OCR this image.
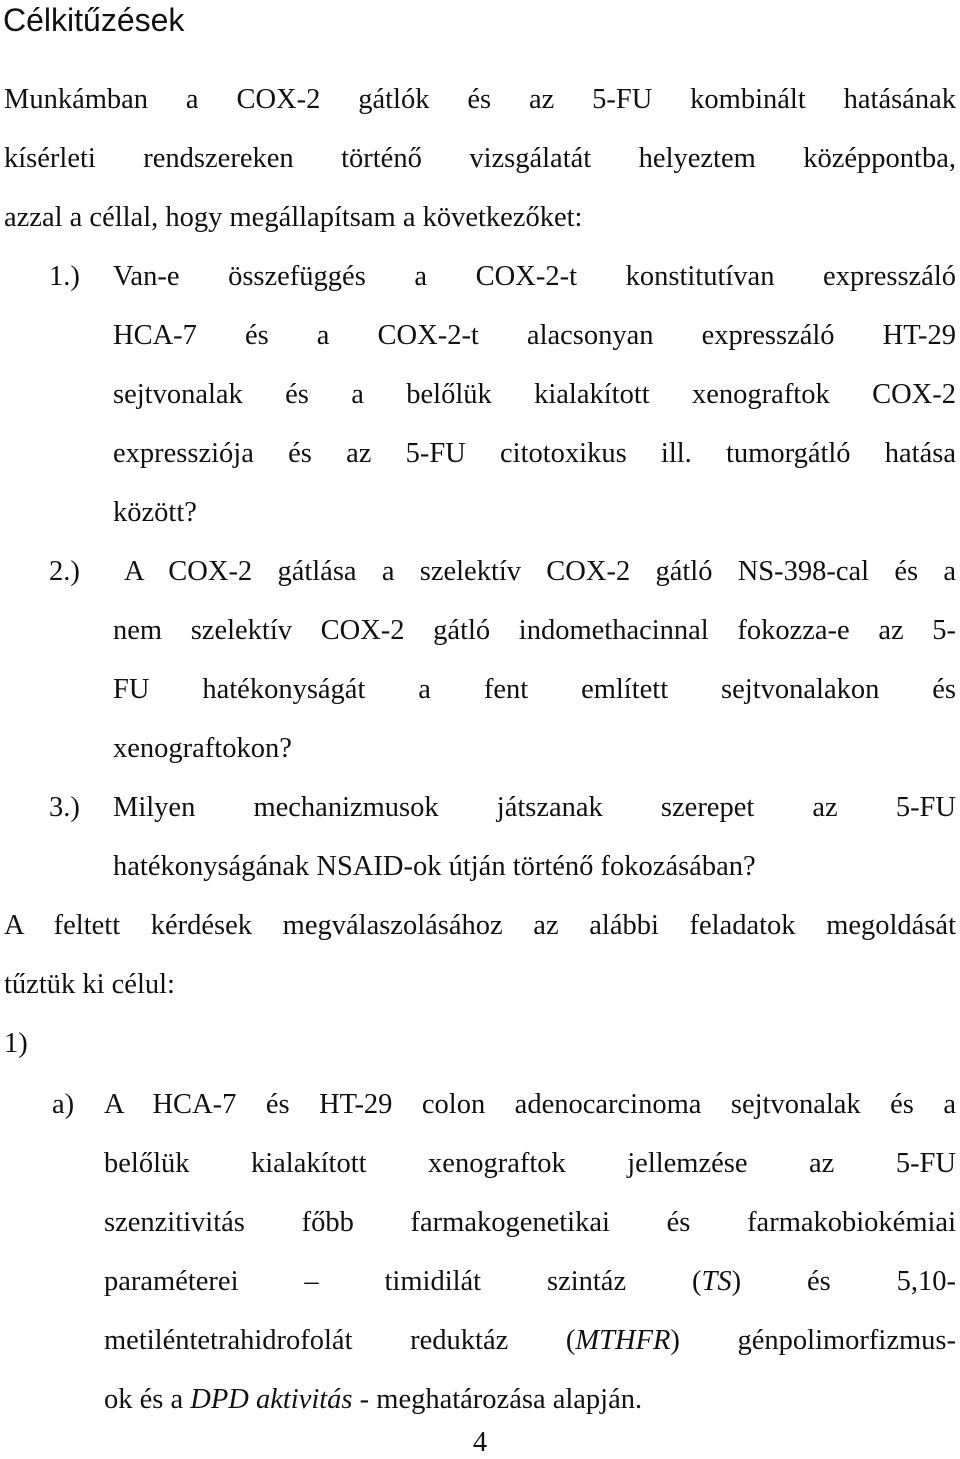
Célkitűzések
Munkámban a COX-2 gátlók és az 5-FU kombinált hatásának
kísérleti rendszereken történő vizsgálatát helyeztem középpontba,
azzal a céllal, hogy megállapítsam a következőket:
1.) Van-e összefüggés a COX-2-t konstitutívan expresszáló
HCA-7 és a COX-2-t alacsonyan expresszáló HT-29
sejtvonalak és a belőlük kialakított xenograftok COX-2
expressziója és az 5-FU citotoxikus ill. tumorgátló hatása
között?
2.) A COX-2 gátlása a szelektív COX-2 gátló NS-398-cal és a
nem szelektív COX-2 gátló indomethacinnal fokozza-e az 5-
FU hatékonyságát a fent említett sejtvonalakon és
xenograftokon?
3.) Milyen mechanizmusok játszanak szerepet az 5-FU
hatékonyságának NSAID-ok útján történő fokozásában?
A feltett kérdések megválaszolásához az alábbi feladatok megoldását
tűztük ki célul:
1)
a) A HCA-7 és HT-29 colon adenocarcinoma sejtvonalak és a
belőlük kialakított xenograftok jellemzése az 5-FU
szenzitivitás főbb farmakogenetikai és farmakobiokémiai
paraméterei – timidilát szintáz (TS) és 5,10-
metiléntetrahidrofolát reduktáz (MTHFR) génpolimorfizmus-
ok és a DPD aktivitás - meghatározása alapján.
4
